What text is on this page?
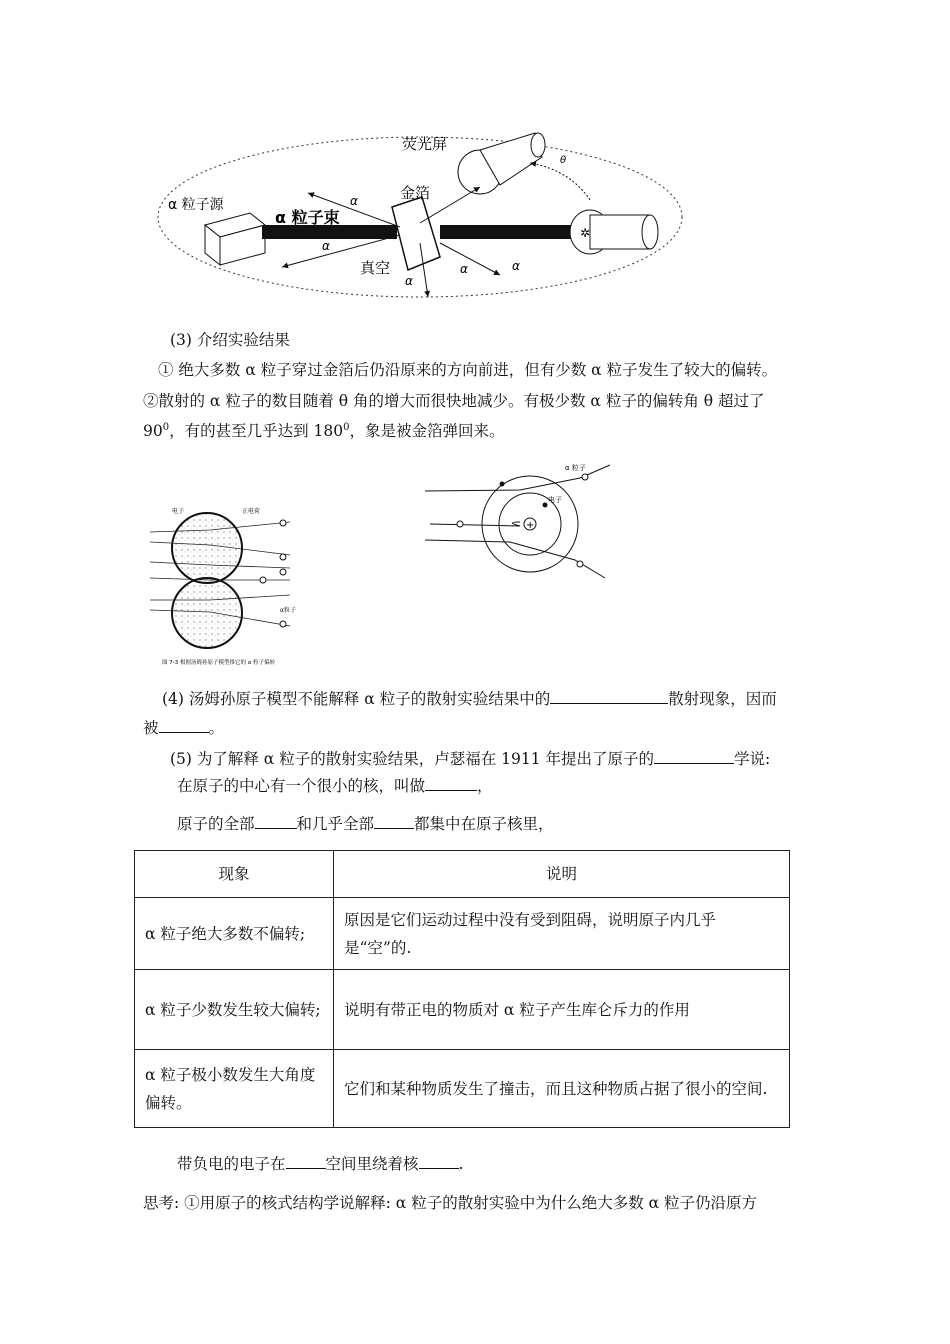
✲
α 粒子源
α 粒子束
金箔
荧光屏
真空
α
α
α
α	α
θ
(3) 介绍实验结果
① 绝大多数 α 粒子穿过金箔后仍沿原来的方向前进，但有少数 α 粒子发生了较大的偏转。
②散射的 α 粒子的数目随着 θ 角的增大而很快地减少。有极少数 α 粒子的偏转角 θ 超过了
$90^0$，有的甚至几乎达到 $180^0$，象是被金箔弹回来。
电子	正电荷
α粒子
图 7-3 根据汤姆孙原子模型推它的 α 粒子偏转
+
α 粒子
电子
(4) 汤姆孙原子模型不能解释 α 粒子的散射实验结果中的	散射现象，因而
被	。
(5) 为了解释 α 粒子的散射实验结果，卢瑟福在 1911 年提出了原子的	学说:
在原子的中心有一个很小的核，叫做	，
原子的全部	和几乎全部	都集中在原子核里，
现象	说明
α 粒子绝大多数不偏转;	原因是它们运动过程中没有受到阻碍，说明原子内几乎是“空”的.
α 粒子少数发生较大偏转;	说明有带正电的物质对 α 粒子产生库仑斥力的作用
α 粒子极小数发生大角度偏转。	它们和某种物质发生了撞击，而且这种物质占据了很小的空间.
带负电的电子在	空间里绕着核	.
思考: ①用原子的核式结构学说解释: α 粒子的散射实验中为什么绝大多数 α 粒子仍沿原方
